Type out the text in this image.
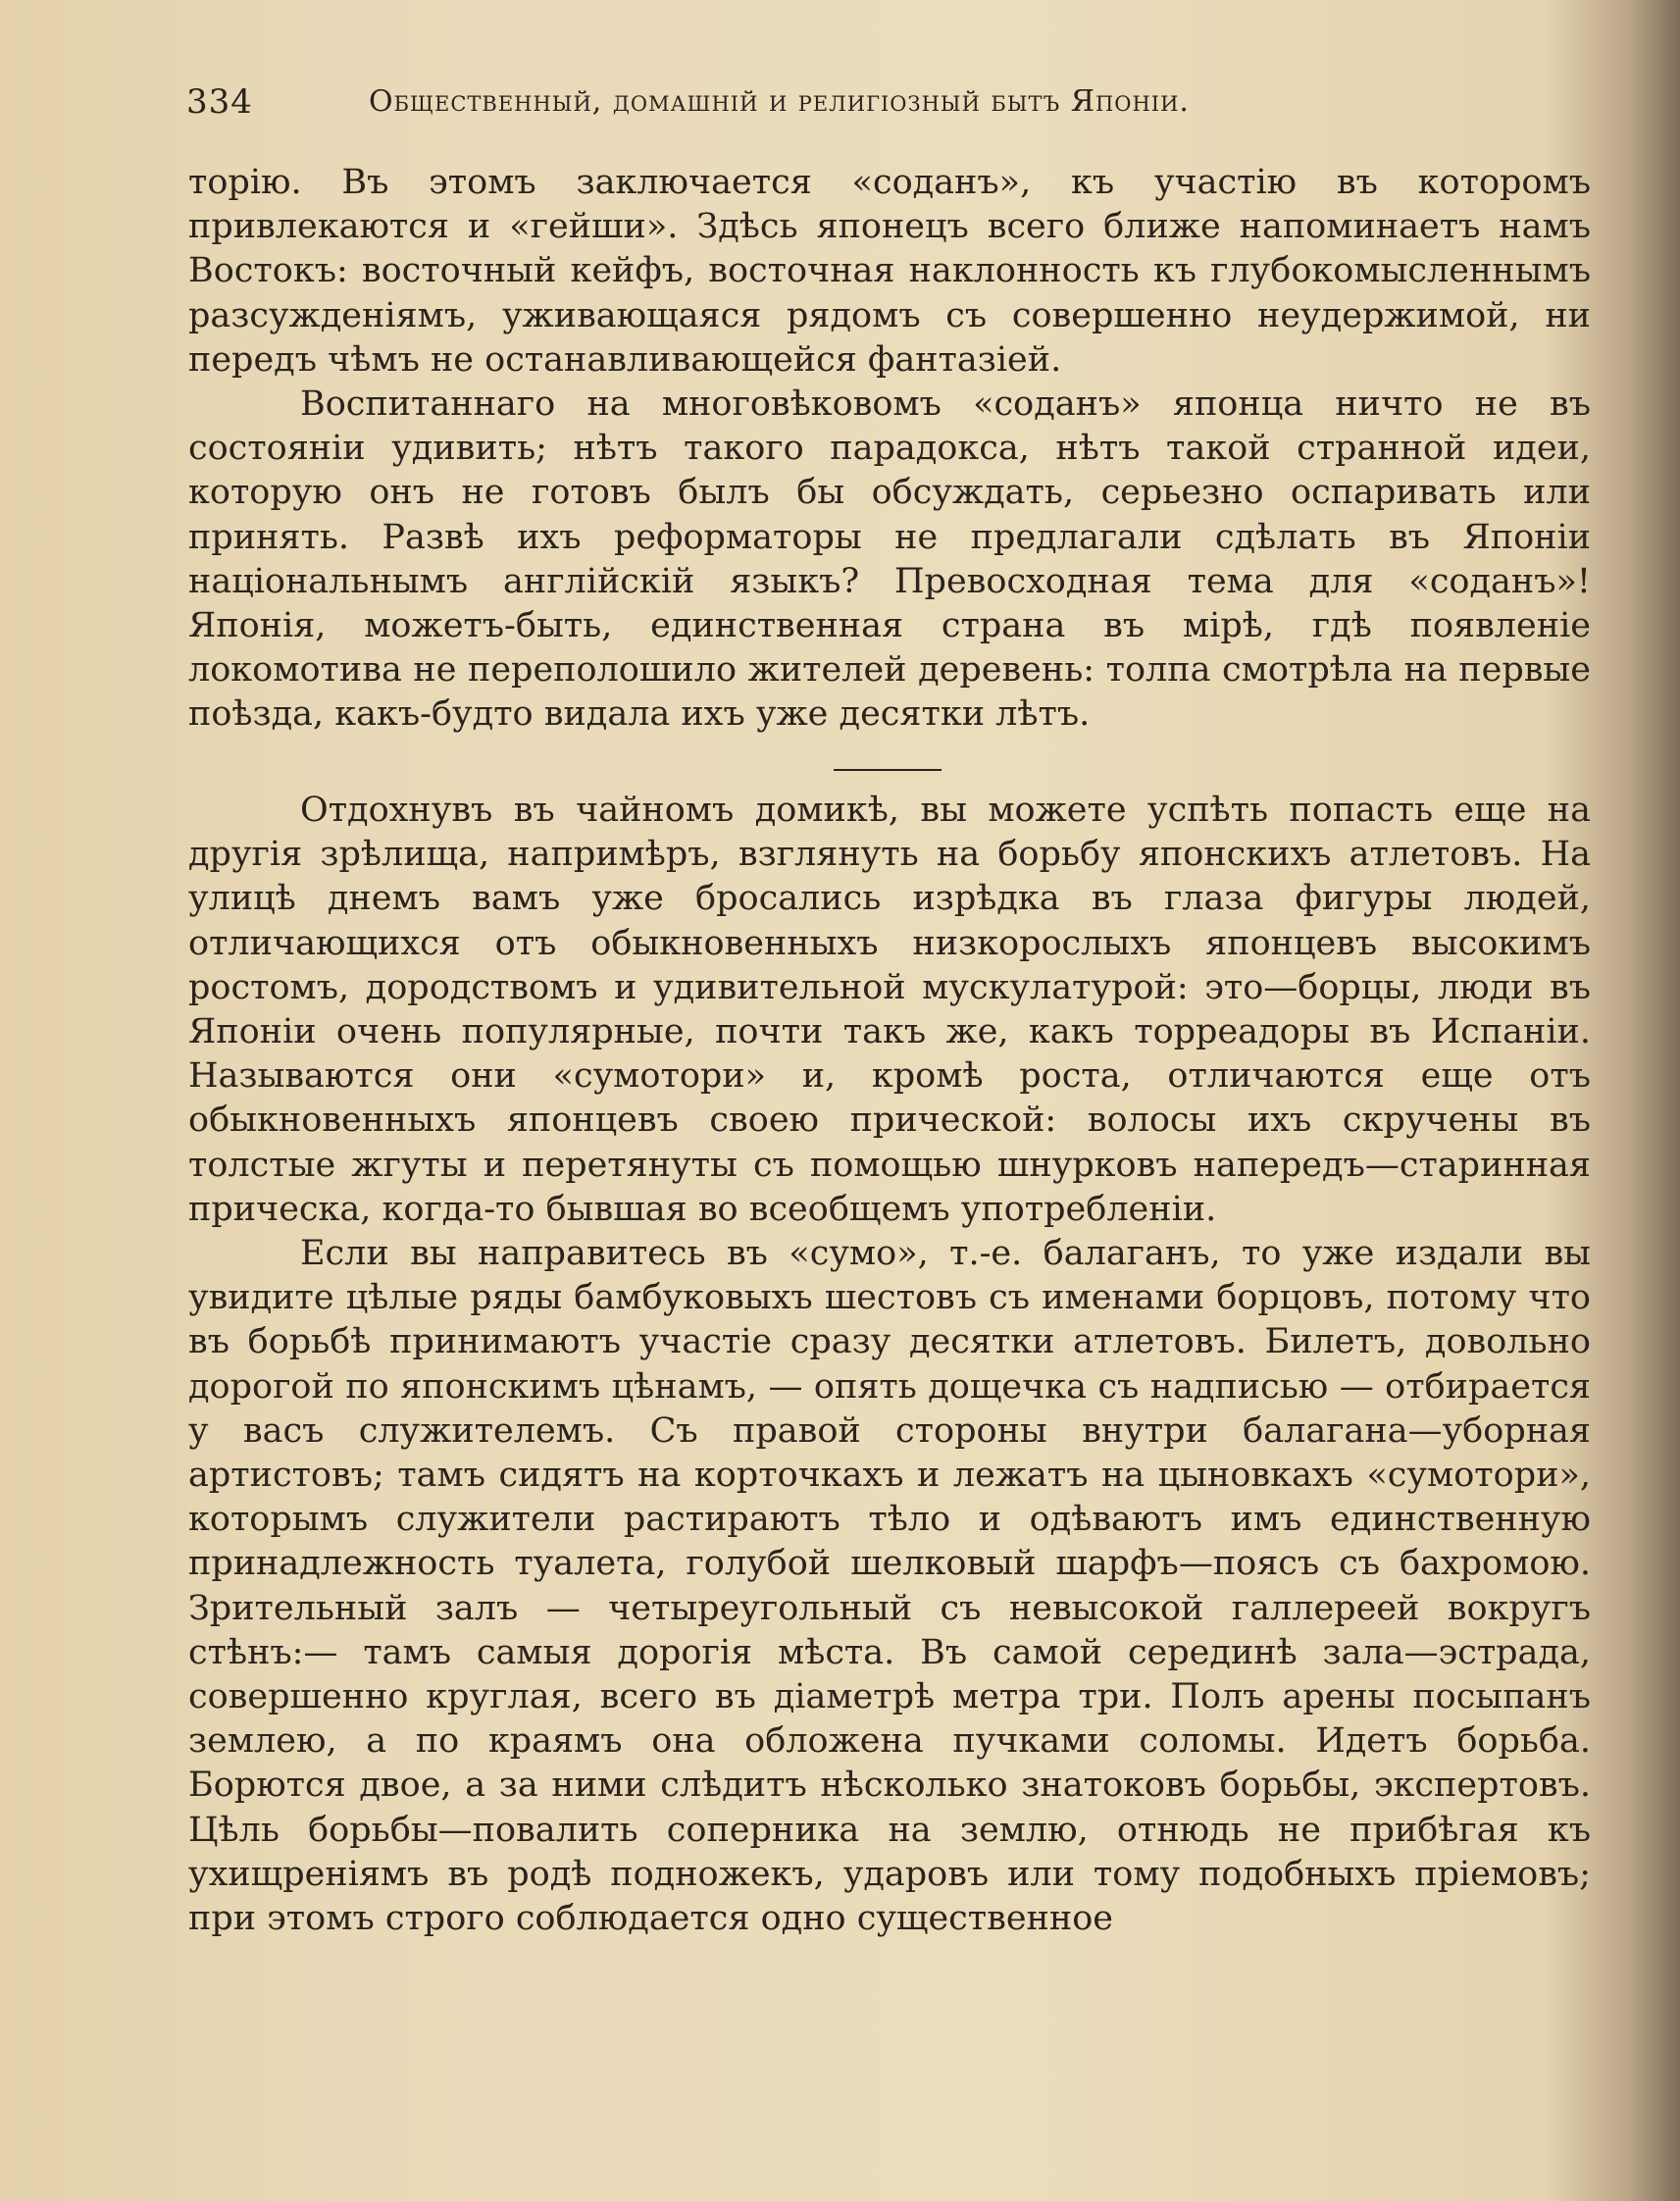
334	Общественный, домашній и религіозный бытъ Японіи.

торію. Въ этомъ заключается «соданъ», къ участію въ которомъ привлекаются и «гейши». Здѣсь японецъ всего ближе напоминаетъ намъ Востокъ: восточный кейфъ, восточная наклонность къ глубокомысленнымъ разсужденіямъ, уживающаяся рядомъ съ совершенно неудержимой, ни передъ чѣмъ не останавливающейся фантазіей.

Воспитаннаго на многовѣковомъ «соданъ» японца ничто не въ состояніи удивить; нѣтъ такого парадокса, нѣтъ такой странной идеи, которую онъ не готовъ былъ бы обсуждать, серьезно оспаривать или принять. Развѣ ихъ реформаторы не предлагали сдѣлать въ Японіи національнымъ англійскій языкъ? Превосходная тема для «соданъ»! Японія, можетъ-быть, единственная страна въ мірѣ, гдѣ появленіе локомотива не переполошило жителей деревень: толпа смотрѣла на первые поѣзда, какъ-будто видала ихъ уже десятки лѣтъ.

Отдохнувъ въ чайномъ домикѣ, вы можете успѣть попасть еще на другія зрѣлища, напримѣръ, взглянуть на борьбу японскихъ атлетовъ. На улицѣ днемъ вамъ уже бросались изрѣдка въ глаза фигуры людей, отличающихся отъ обыкновенныхъ низкорослыхъ японцевъ высокимъ ростомъ, дородствомъ и удивительной мускулатурой: это—борцы, люди въ Японіи очень популярные, почти такъ же, какъ торреадоры въ Испаніи. Называются они «сумотори» и, кромѣ роста, отличаются еще отъ обыкновенныхъ японцевъ своею прической: волосы ихъ скручены въ толстые жгуты и перетянуты съ помощью шнурковъ напередъ—старинная прическа, когда-то бывшая во всеобщемъ употребленіи.

Если вы направитесь въ «сумо», т.-е. балаганъ, то уже издали вы увидите цѣлые ряды бамбуковыхъ шестовъ съ именами борцовъ, потому что въ борьбѣ принимаютъ участіе сразу десятки атлетовъ. Билетъ, довольно дорогой по японскимъ цѣнамъ, — опять дощечка съ надписью — отбирается у васъ служителемъ. Съ правой стороны внутри балагана—уборная артистовъ; тамъ сидятъ на корточкахъ и лежатъ на цыновкахъ «сумотори», которымъ служители растираютъ тѣло и одѣваютъ имъ единственную принадлежность туалета, голубой шелковый шарфъ—поясъ съ бахромою. Зрительный залъ — четыреугольный съ невысокой галлереей вокругъ стѣнъ:— тамъ самыя дорогія мѣста. Въ самой серединѣ зала—эстрада, совершенно круглая, всего въ діаметрѣ метра три. Полъ арены посыпанъ землею, а по краямъ она обложена пучками соломы. Идетъ борьба. Борются двое, а за ними слѣдитъ нѣсколько знатоковъ борьбы, экспертовъ. Цѣль борьбы—повалить соперника на землю, отнюдь не прибѣгая къ ухищреніямъ въ родѣ подножекъ, ударовъ или тому подобныхъ пріемовъ; при этомъ строго соблюдается одно существенное
